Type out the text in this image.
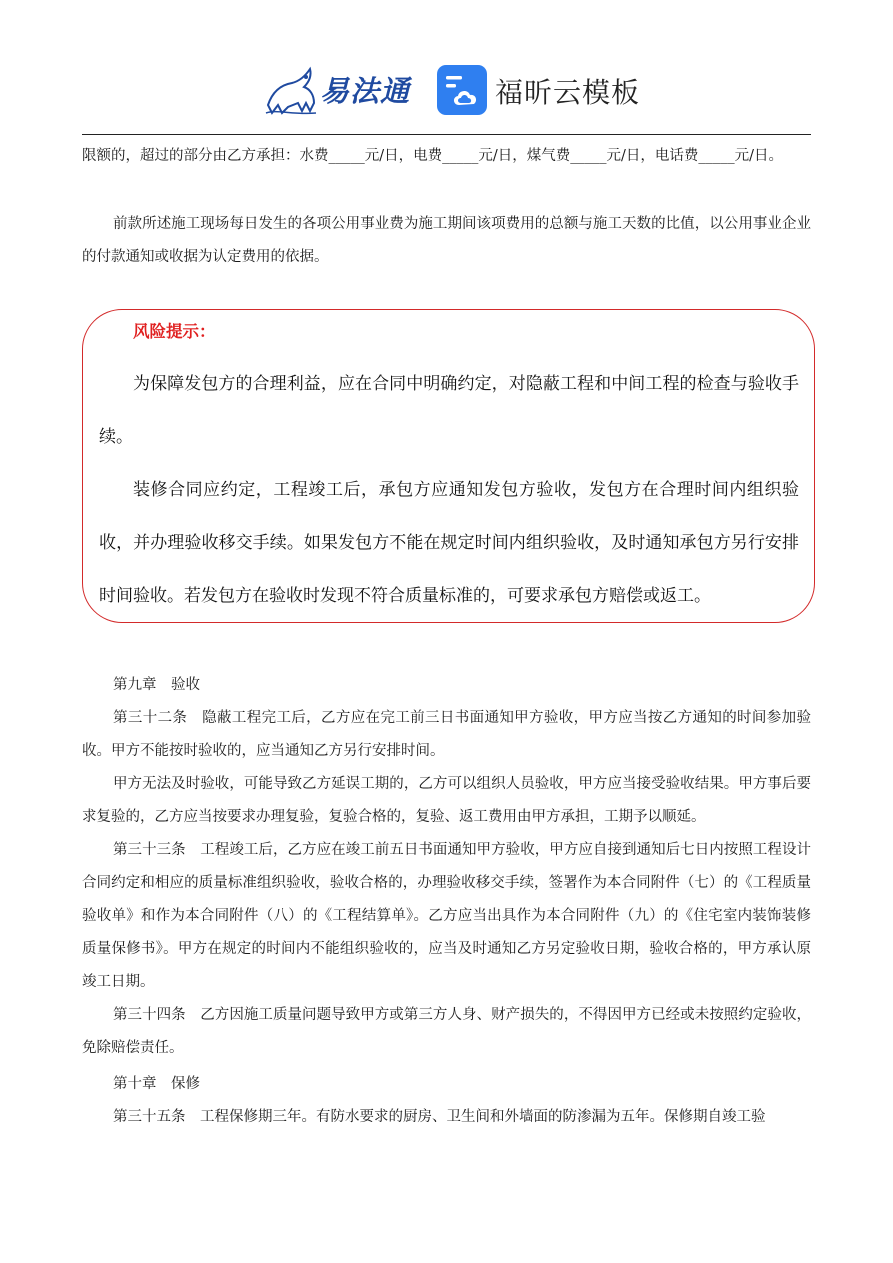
易法通	福昕云模板
限额的，超过的部分由乙方承担：水费_____元/日，电费_____元/日，煤气费_____元/日，电话费_____元/日。
前款所述施工现场每日发生的各项公用事业费为施工期间该项费用的总额与施工天数的比值，以公用事业企业的付款通知或收据为认定费用的依据。
风险提示：
为保障发包方的合理利益，应在合同中明确约定，对隐蔽工程和中间工程的检查与验收手续。
装修合同应约定，工程竣工后，承包方应通知发包方验收，发包方在合理时间内组织验收，并办理验收移交手续。如果发包方不能在规定时间内组织验收，及时通知承包方另行安排时间验收。若发包方在验收时发现不符合质量标准的，可要求承包方赔偿或返工。
第九章　验收
第三十二条　隐蔽工程完工后，乙方应在完工前三日书面通知甲方验收，甲方应当按乙方通知的时间参加验收。甲方不能按时验收的，应当通知乙方另行安排时间。
甲方无法及时验收，可能导致乙方延误工期的，乙方可以组织人员验收，甲方应当接受验收结果。甲方事后要求复验的，乙方应当按要求办理复验，复验合格的，复验、返工费用由甲方承担，工期予以顺延。
第三十三条　工程竣工后，乙方应在竣工前五日书面通知甲方验收，甲方应自接到通知后七日内按照工程设计合同约定和相应的质量标准组织验收，验收合格的，办理验收移交手续，签署作为本合同附件（七）的《工程质量验收单》和作为本合同附件（八）的《工程结算单》。乙方应当出具作为本合同附件（九）的《住宅室内装饰装修质量保修书》。甲方在规定的时间内不能组织验收的，应当及时通知乙方另定验收日期，验收合格的，甲方承认原竣工日期。
第三十四条　乙方因施工质量问题导致甲方或第三方人身、财产损失的，不得因甲方已经或未按照约定验收，免除赔偿责任。
第十章　保修
第三十五条　工程保修期三年。有防水要求的厨房、卫生间和外墙面的防渗漏为五年。保修期自竣工验
